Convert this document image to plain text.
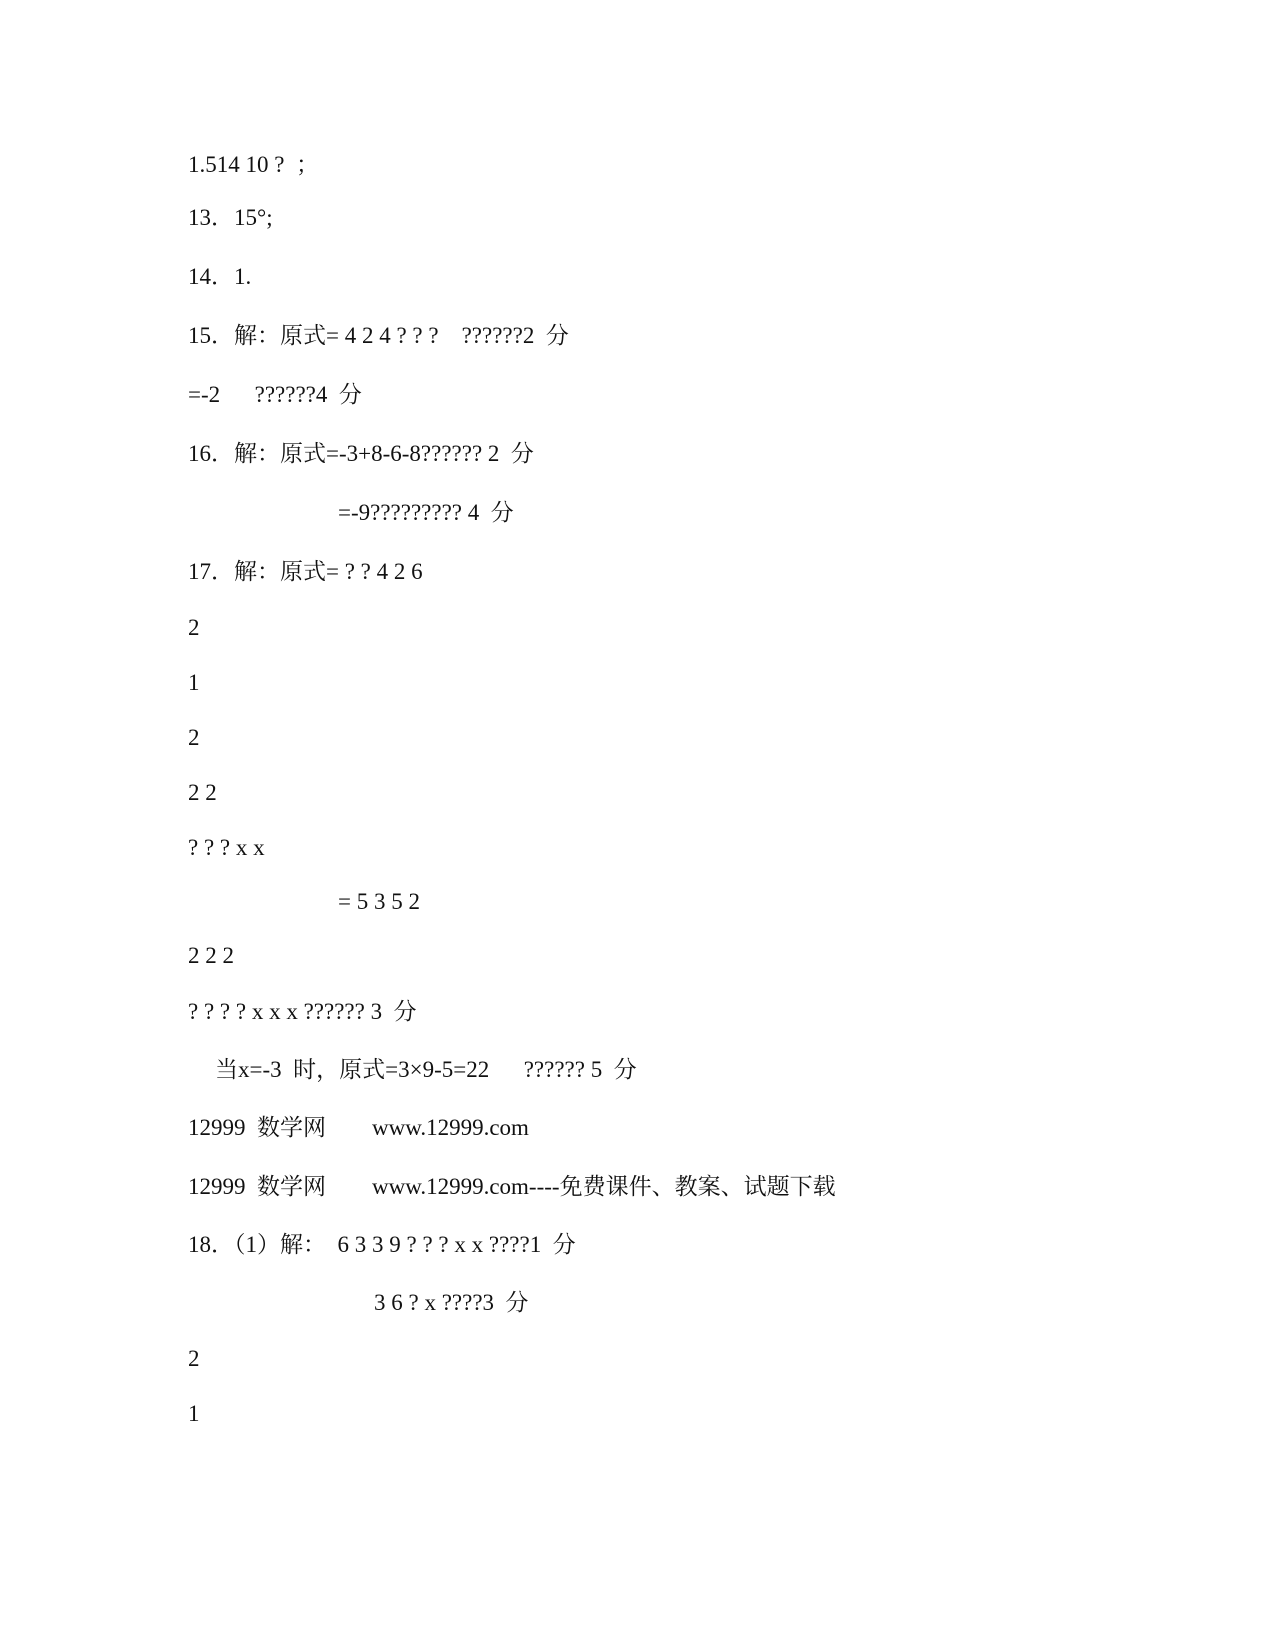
1.514 10 ?  ；
13．15°;
14．1.
15．解：原式= 4 2 4 ? ? ?    ??????2  分
=-2      ??????4  分
16．解：原式=-3+8-6-8?????? 2  分
=-9????????? 4  分
17．解：原式= ? ? 4 2 6
2
1
2
2 2
? ? ? x x
= 5 3 5 2
2 2 2
? ? ? ? x x x ?????? 3  分
当x=-3  时，原式=3×9-5=22      ?????? 5  分
12999  数学网        www.12999.com
12999  数学网        www.12999.com----免费课件、教案、试题下载
18．（1）解：  6 3 3 9 ? ? ? x x ????1  分
3 6 ? x ????3  分
2
1
